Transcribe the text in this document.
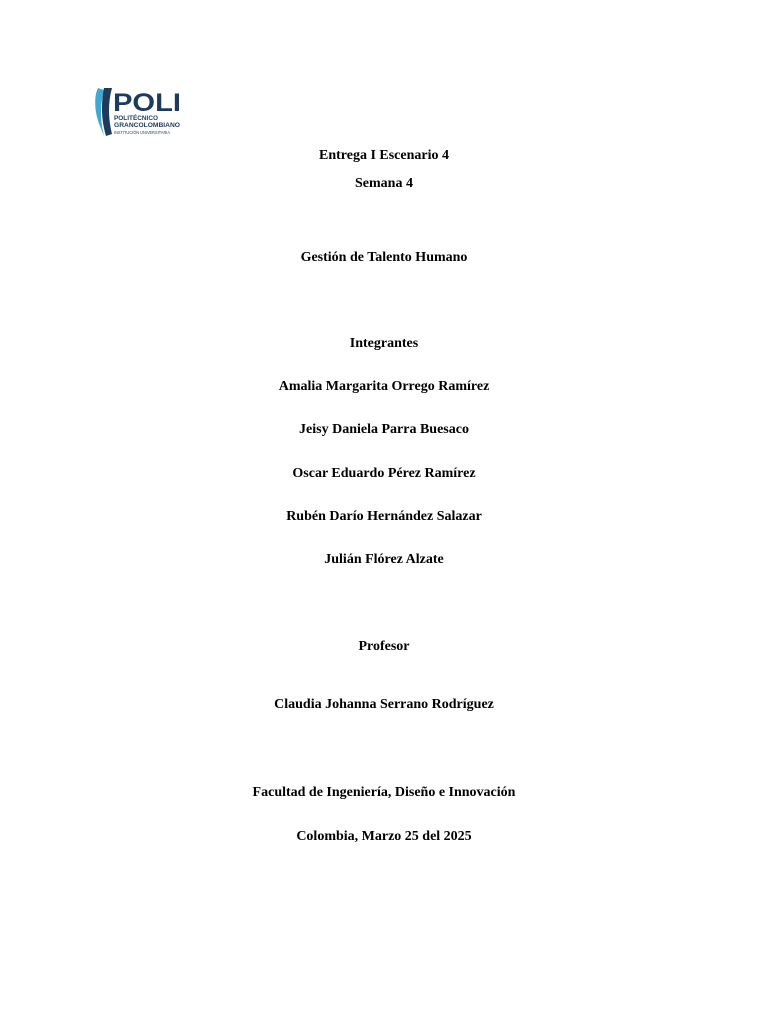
POLI
POLITÉCNICO
GRANCOLOMBIANO
INSTITUCIÓN UNIVERSITARIA
Entrega I Escenario 4
Semana 4
Gestión de Talento Humano
Integrantes
Amalia Margarita Orrego Ramírez
Jeisy Daniela Parra Buesaco
Oscar Eduardo Pérez Ramírez
Rubén Darío Hernández Salazar
Julián Flórez Alzate
Profesor
Claudia Johanna Serrano Rodríguez
Facultad de Ingeniería, Diseño e Innovación
Colombia, Marzo 25 del 2025
